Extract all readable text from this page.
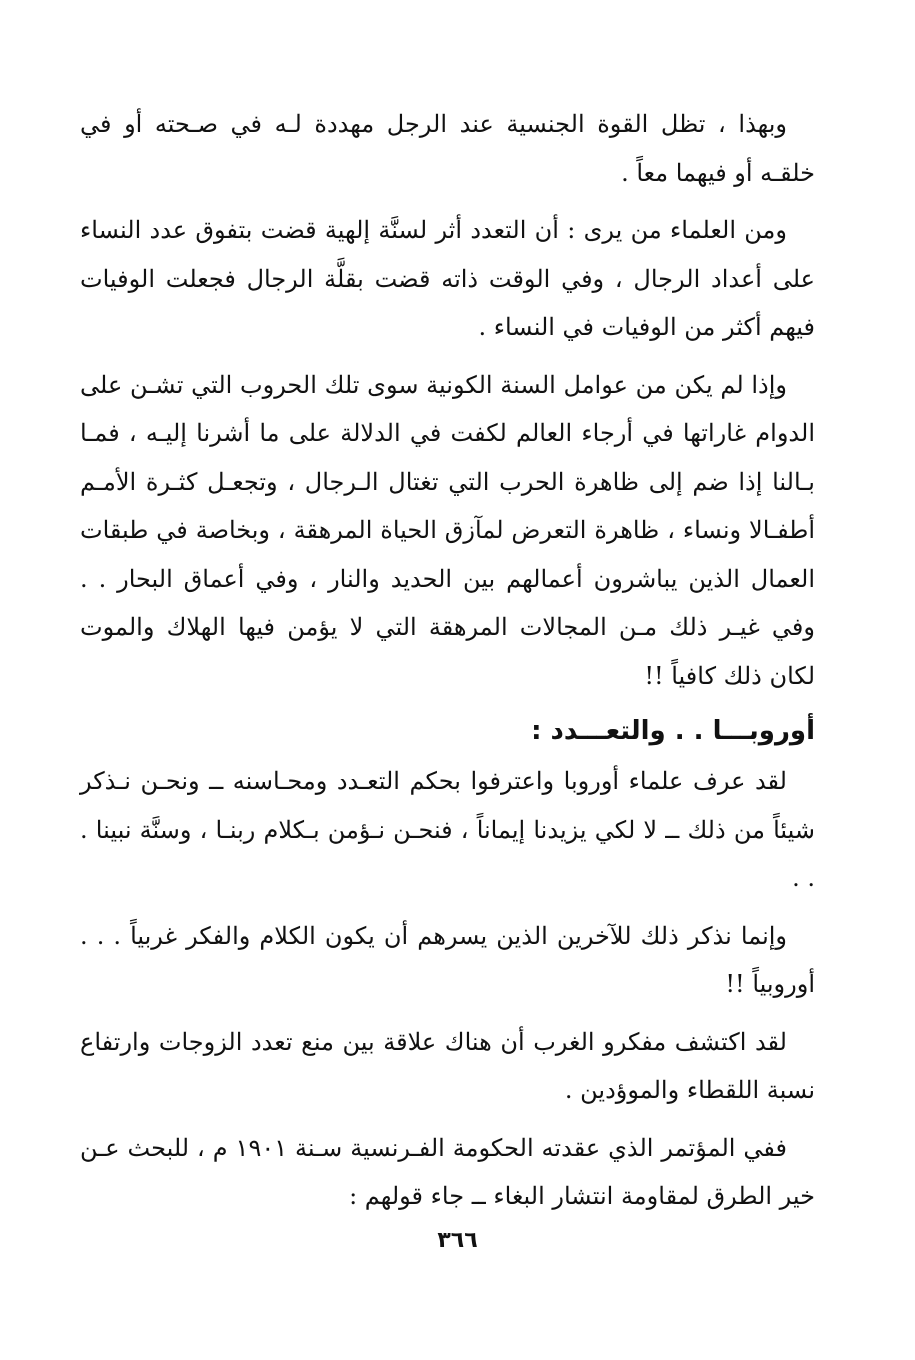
وبهذا ، تظل القوة الجنسية عند الرجل مهددة لـه في صـحته أو في خلقـه أو فيهما معاً .

ومن العلماء من يرى : أن التعدد أثر لسنَّة إلهية قضت بتفوق عدد النساء على أعداد الرجال ، وفي الوقت ذاته قضت بقلَّة الرجال فجعلت الوفيات فيهم أكثر من الوفيات في النساء .

وإذا لم يكن من عوامل السنة الكونية سوى تلك الحروب التي تشـن على الدوام غاراتها في أرجاء العالم لكفت في الدلالة على ما أشرنا إليـه ، فمـا بـالنا إذا ضم إلى ظاهرة الحرب التي تغتال الـرجال ، وتجعـل كثـرة الأمـم أطفـالا ونساء ، ظاهرة التعرض لمآزق الحياة المرهقة ، وبخاصة في طبقات العمال الذين يباشرون أعمالهم بين الحديد والنار ، وفي أعماق البحار . . وفي غيـر ذلك مـن المجالات المرهقة التي لا يؤمن فيها الهلاك والموت لكان ذلك كافياً !!

أوروبـــا . . والتعـــدد :

لقد عرف علماء أوروبا واعترفوا بحكم التعـدد ومحـاسنه ــ ونحـن نـذكر شيئاً من ذلك ــ لا لكي يزيدنا إيماناً ، فنحـن نـؤمن بـكلام ربنـا ، وسنَّة نبينا . . .

وإنما نذكر ذلك للآخرين الذين يسرهم أن يكون الكلام والفكر غربياً . . . أوروبياً !!

لقد اكتشف مفكرو الغرب أن هناك علاقة بين منع تعدد الزوجات وارتفاع نسبة اللقطاء والموؤدين .

ففي المؤتمر الذي عقدته الحكومة الفـرنسية سـنة ١٩٠١ م ، للبحث عـن خير الطرق لمقاومة انتشار البغاء ــ جاء قولهم :

٣٦٦
